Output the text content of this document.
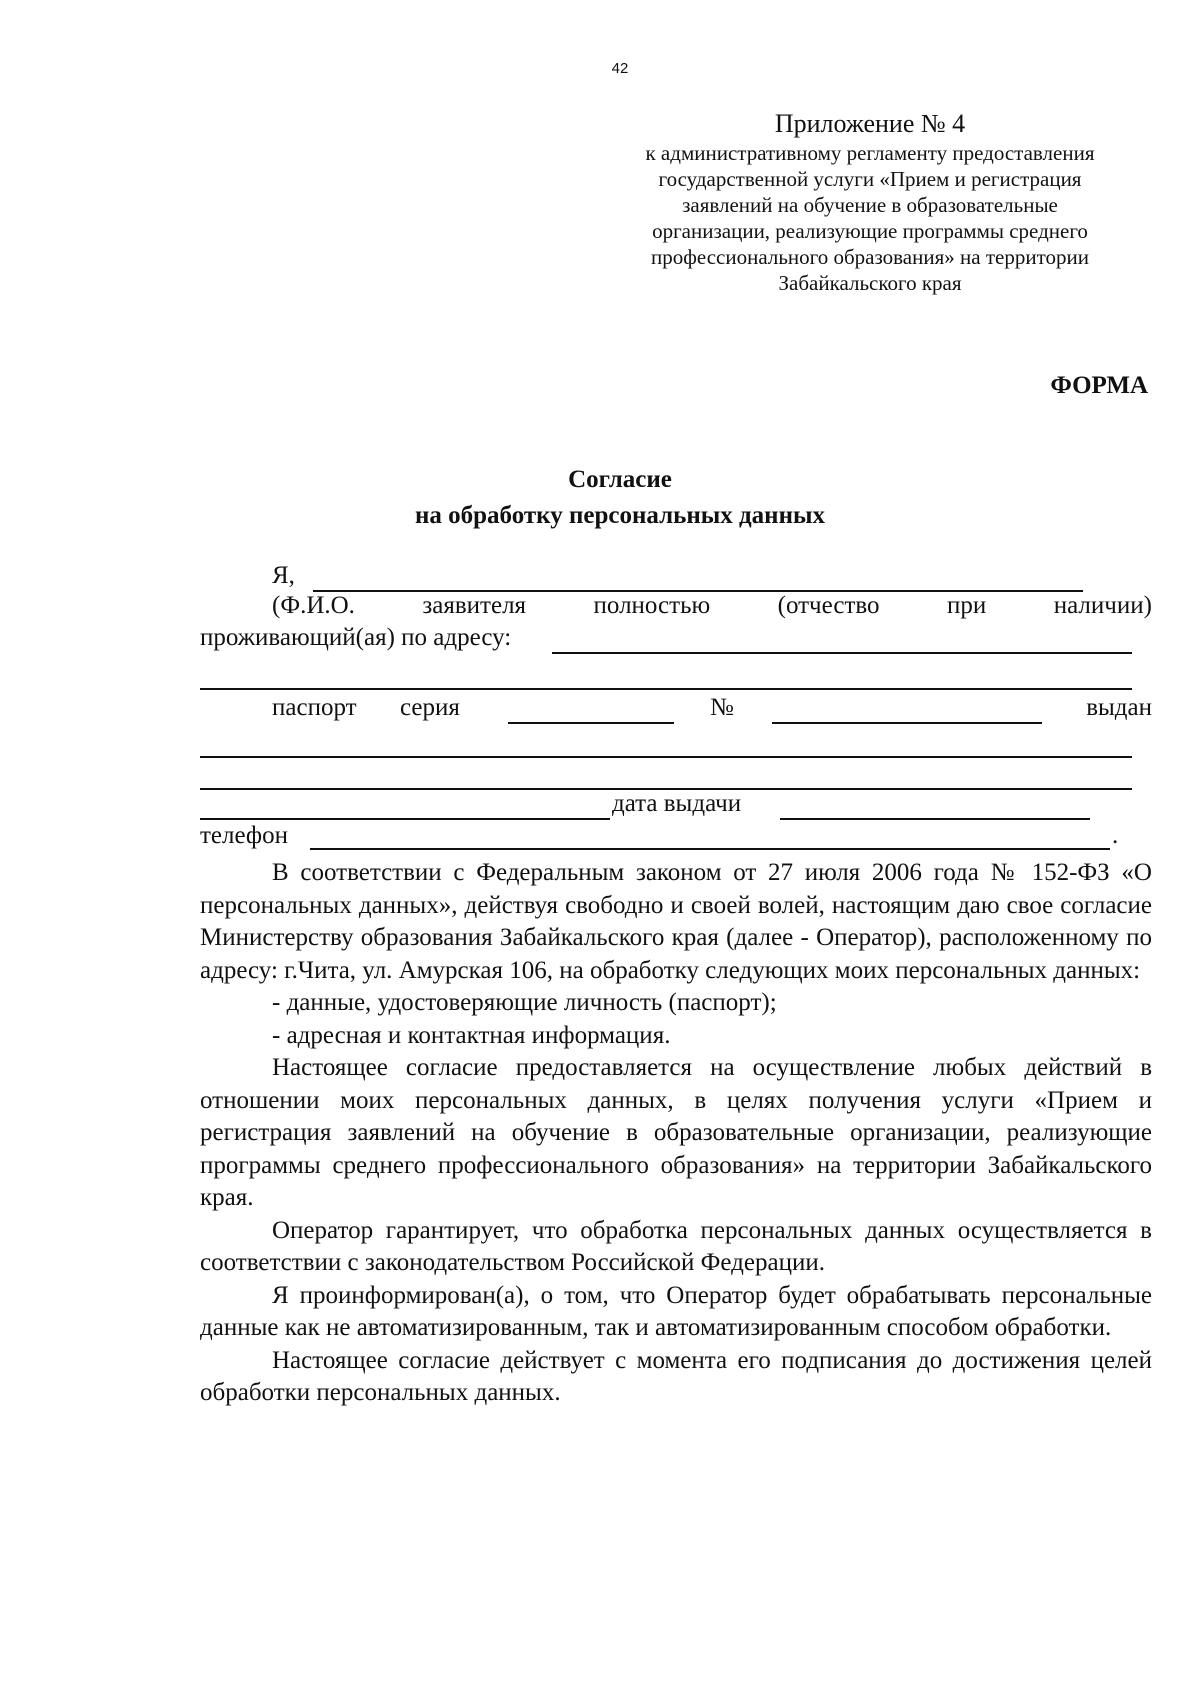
42
Приложение № 4
к административному регламенту предоставления
государственной услуги «Прием и регистрация
заявлений на обучение в образовательные
организации, реализующие программы среднего
профессионального образования» на территории
Забайкальского края
ФОРМА
Согласие
на обработку персональных данных
Я,
(Ф.И.О.	заявителя	полностью	(отчество	при	наличии)
проживающий(ая) по адресу:
паспорт серия	№	выдан
дата выдачи
телефон	.

В соответствии с Федеральным законом от 27 июля 2006 года № 152-ФЗ «О персональных данных», действуя свободно и своей волей, настоящим даю свое согласие Министерству образования Забайкальского края (далее - Оператор), расположенному по адресу: г.Чита, ул. Амурская 106, на обработку следующих моих персональных данных:

- данные, удостоверяющие личность (паспорт);

- адресная и контактная информация.

Настоящее согласие предоставляется на осуществление любых действий в отношении моих персональных данных, в целях получения услуги «Прием и регистрация заявлений на обучение в образовательные организации, реализующие программы среднего профессионального образования» на территории Забайкальского края.

Оператор гарантирует, что обработка персональных данных осуществляется в соответствии с законодательством Российской Федерации.

Я проинформирован(а), о том, что Оператор будет обрабатывать персональные данные как не автоматизированным, так и автоматизированным способом обработки.

Настоящее согласие действует с момента его подписания до достижения целей обработки персональных данных.
